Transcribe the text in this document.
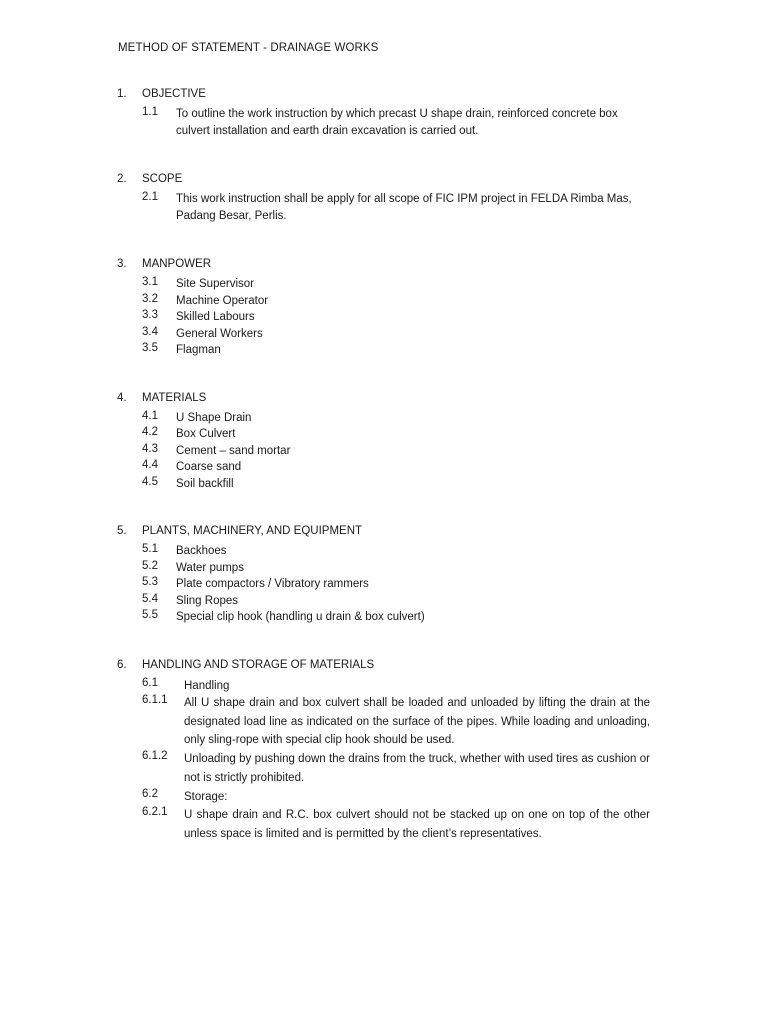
METHOD OF STATEMENT - DRAINAGE WORKS
1.	OBJECTIVE
1.1	To outline the work instruction by which precast U shape drain, reinforced concrete box culvert installation and earth drain excavation is carried out.
2.	SCOPE
2.1	This work instruction shall be apply for all scope of FIC IPM project in FELDA Rimba Mas, Padang Besar, Perlis.
3.	MANPOWER
3.1	Site Supervisor
3.2	Machine Operator
3.3	Skilled Labours
3.4	General Workers
3.5	Flagman
4.	MATERIALS
4.1	U Shape Drain
4.2	Box Culvert
4.3	Cement – sand mortar
4.4	Coarse sand
4.5	Soil backfill
5.	PLANTS, MACHINERY, AND EQUIPMENT
5.1	Backhoes
5.2	Water pumps
5.3	Plate compactors / Vibratory rammers
5.4	Sling Ropes
5.5	Special clip hook (handling u drain & box culvert)
6.	HANDLING AND STORAGE OF MATERIALS
6.1	Handling
6.1.1	All U shape drain and box culvert shall be loaded and unloaded by lifting the drain at the designated load line as indicated on the surface of the pipes. While loading and unloading, only sling-rope with special clip hook should be used.
6.1.2	Unloading by pushing down the drains from the truck, whether with used tires as cushion or not is strictly prohibited.
6.2	Storage:
6.2.1	U shape drain and R.C. box culvert should not be stacked up on one on top of the other unless space is limited and is permitted by the client’s representatives.
